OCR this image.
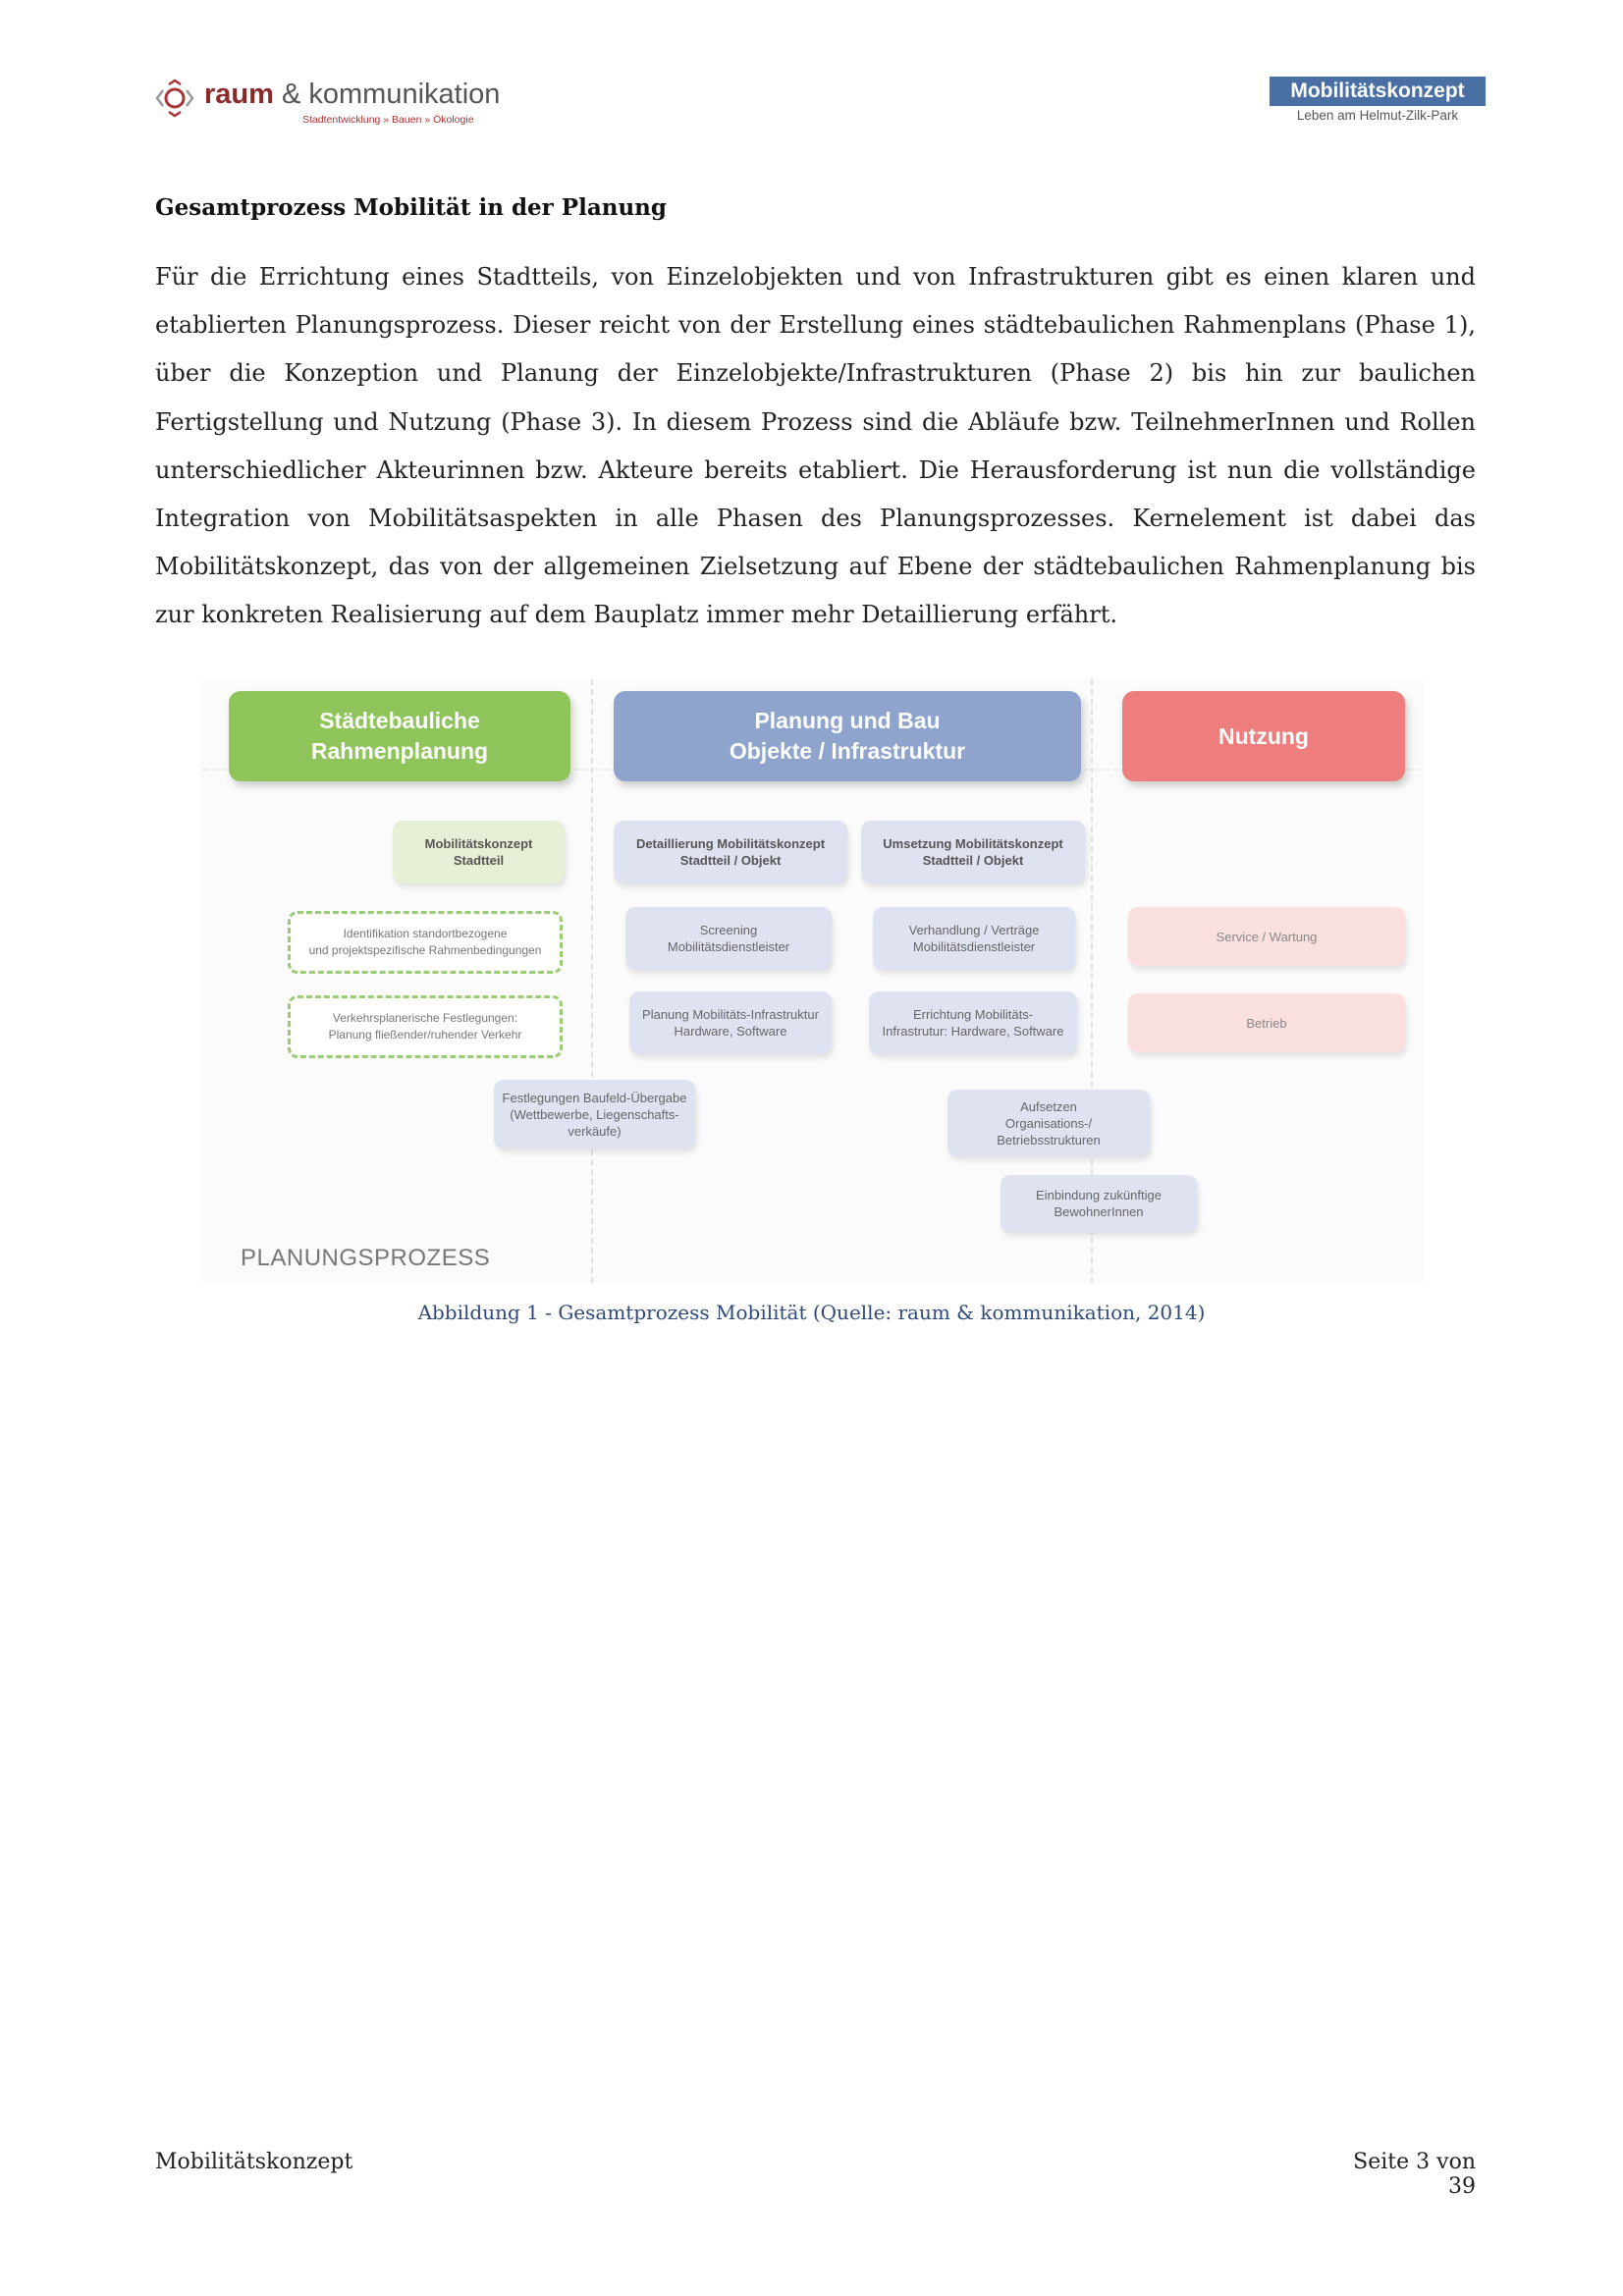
raum & kommunikation
Stadtentwicklung » Bauen » Ökologie
Mobilitätskonzept
Leben am Helmut-Zilk-Park
Gesamtprozess Mobilität in der Planung

Für die Errichtung eines Stadtteils, von Einzelobjekten und von Infrastrukturen gibt es einen klaren und etablierten Planungsprozess. Dieser reicht von der Erstellung eines städtebaulichen Rahmenplans (Phase 1), über die Konzeption und Planung der Einzelobjekte/Infrastrukturen (Phase 2) bis hin zur baulichen Fertigstellung und Nutzung (Phase 3). In diesem Prozess sind die Abläufe bzw. TeilnehmerInnen und Rollen unterschiedlicher Akteurinnen bzw. Akteure bereits etabliert. Die Herausforderung ist nun die vollständige Integration von Mobilitätsaspekten in alle Phasen des Planungsprozesses. Kernelement ist dabei das Mobilitätskonzept, das von der allgemeinen Zielsetzung auf Ebene der städtebaulichen Rahmenplanung bis zur konkreten Realisierung auf dem Bauplatz immer mehr Detaillierung erfährt.

Städtebauliche
Rahmenplanung
Planung und Bau
Objekte / Infrastruktur
Nutzung
Mobilitätskonzept
Stadtteil
Identifikation standortbezogene
und projektspezifische Rahmenbedingungen
Verkehrsplanerische Festlegungen:
Planung fließender/ruhender Verkehr
Festlegungen Baufeld-Übergabe
(Wettbewerbe, Liegenschafts-
verkäufe)
Detaillierung Mobilitätskonzept
Stadtteil / Objekt
Screening
Mobilitätsdienstleister
Planung Mobilitäts-Infrastruktur
Hardware, Software
Umsetzung Mobilitätskonzept
Stadtteil / Objekt
Verhandlung / Verträge
Mobilitätsdienstleister
Errichtung Mobilitäts-
Infrastrutur: Hardware, Software
Aufsetzen
Organisations-/
Betriebsstrukturen
Einbindung zukünftige
BewohnerInnen
Service / Wartung
Betrieb
PLANUNGSPROZESS
Abbildung 1 - Gesamtprozess Mobilität (Quelle: raum & kommunikation, 2014)
Mobilitätskonzept	Seite 3 von 39
